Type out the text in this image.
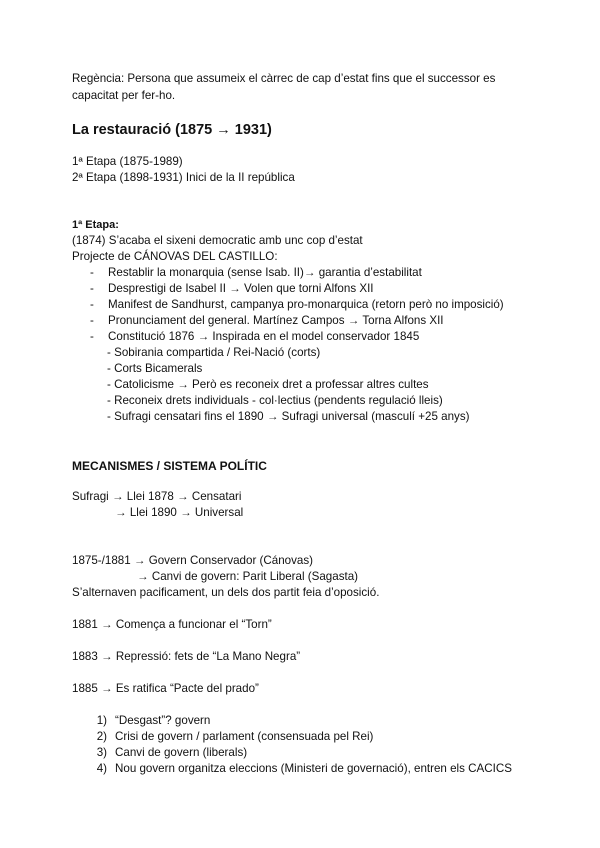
Regència: Persona que assumeix el càrrec de cap d’estat fins que el successor es
capacitat per fer-ho.
La restauració (1875 → 1931)
1ª Etapa (1875-1989)
2ª Etapa (1898-1931) Inici de la II república
1ª Etapa:
(1874) S’acaba el sixeni democratic amb unc cop d’estat
Projecte de CÁNOVAS DEL CASTILLO:
- Restablir la monarquia (sense Isab. II)→ garantia d’estabilitat
- Desprestigi de Isabel II → Volen que torni Alfons XII
- Manifest de Sandhurst, campanya pro-monarquica (retorn però no imposició)
- Pronunciament del general. Martínez Campos → Torna Alfons XII
- Constitució 1876 → Inspirada en el model conservador 1845
- Sobirania compartida / Rei-Nació (corts)
- Corts Bicamerals
- Catolicisme → Però es reconeix dret a professar altres cultes
- Reconeix drets individuals - col·lectius (pendents regulació lleis)
- Sufragi censatari fins el 1890 → Sufragi universal (masculí +25 anys)
MECANISMES / SISTEMA POLÍTIC
Sufragi → Llei 1878 → Censatari
→ Llei 1890 → Universal
1875-/1881 → Govern Conservador (Cánovas)
→ Canvi de govern: Parit Liberal (Sagasta)
S’alternaven pacificament, un dels dos partit feia d’oposició.
1881 → Comença a funcionar el “Torn”
1883 → Repressió: fets de “La Mano Negra”
1885 → Es ratifica “Pacte del prado”
1) “Desgast”? govern
2) Crisi de govern / parlament (consensuada pel Rei)
3) Canvi de govern (liberals)
4) Nou govern organitza eleccions (Ministeri de governació), entren els CACICS
